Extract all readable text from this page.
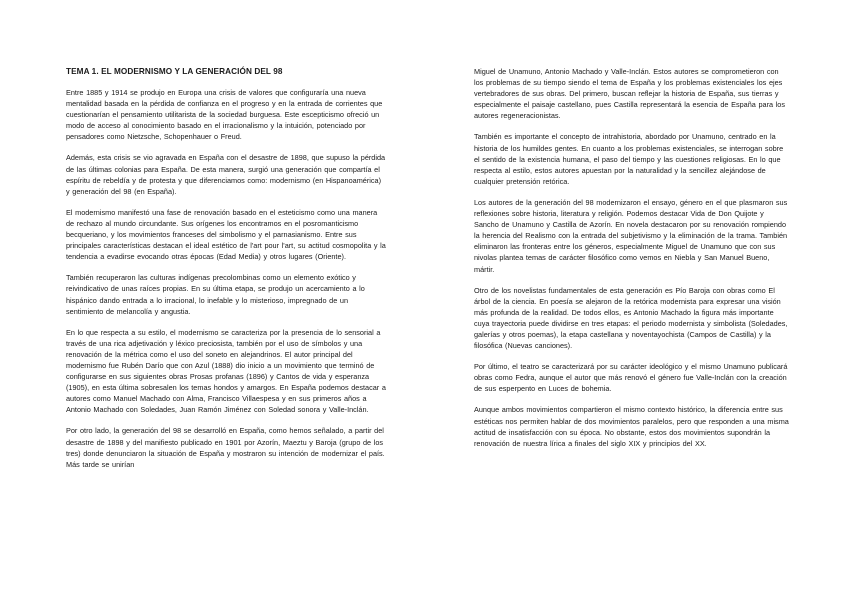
TEMA 1. EL MODERNISMO Y LA GENERACIÓN DEL 98

Entre 1885 y 1914 se produjo en Europa una crisis de valores que configuraría una nueva mentalidad basada en la pérdida de confianza en el progreso y en la entrada de corrientes que cuestionarían el pensamiento utilitarista de la sociedad burguesa. Este escepticismo ofreció un modo de acceso al conocimiento basado en el irracionalismo y la intuición, potenciado por pensadores como Nietzsche, Schopenhauer o Freud.

Además, esta crisis se vio agravada en España con el desastre de 1898, que supuso la pérdida de las últimas colonias para España. De esta manera, surgió una generación que compartía el espíritu de rebeldía y de protesta y que diferenciamos como: modernismo (en Hispanoamérica) y generación del 98 (en España).

El modernismo manifestó una fase de renovación basado en el esteticismo como una manera de rechazo al mundo circundante. Sus orígenes los encontramos en el posromanticismo becqueriano, y los movimientos franceses del simbolismo y el parnasianismo. Entre sus principales características destacan el ideal estético de l'art pour l'art, su actitud cosmopolita y la tendencia a evadirse evocando otras épocas (Edad Media) y otros lugares (Oriente).

También recuperaron las culturas indígenas precolombinas como un elemento exótico y reivindicativo de unas raíces propias. En su última etapa, se produjo un acercamiento a lo hispánico dando entrada a lo irracional, lo inefable y lo misterioso, impregnado de un sentimiento de melancolía y angustia.

En lo que respecta a su estilo, el modernismo se caracteriza por la presencia de lo sensorial a través de una rica adjetivación y léxico preciosista, también por el uso de símbolos y una renovación de la métrica como el uso del soneto en alejandrinos. El autor principal del modernismo fue Rubén Darío que con Azul (1888) dio inicio a un movimiento que terminó de configurarse en sus siguientes obras Prosas profanas (1896) y Cantos de vida y esperanza (1905), en esta última sobresalen los temas hondos y amargos. En España podemos destacar a autores como Manuel Machado con Alma, Francisco Villaespesa y en sus primeros años a Antonio Machado con Soledades, Juan Ramón Jiménez con Soledad sonora y Valle-Inclán.

Por otro lado, la generación del 98 se desarrolló en España, como hemos señalado, a partir del desastre de 1898 y del manifiesto publicado en 1901 por Azorín, Maeztu y Baroja (grupo de los tres) donde denunciaron la situación de España y mostraron su intención de modernizar el país. Más tarde se unirían

Miguel de Unamuno, Antonio Machado y Valle-Inclán. Estos autores se comprometieron con los problemas de su tiempo siendo el tema de España y los problemas existenciales los ejes vertebradores de sus obras. Del primero, buscan reflejar la historia de España, sus tierras y especialmente el paisaje castellano, pues Castilla representará la esencia de España para los autores regeneracionistas.

También es importante el concepto de intrahistoria, abordado por Unamuno, centrado en la historia de los humildes gentes. En cuanto a los problemas existenciales, se interrogan sobre el sentido de la existencia humana, el paso del tiempo y las cuestiones religiosas. En lo que respecta al estilo, estos autores apuestan por la naturalidad y la sencillez alejándose de cualquier pretensión retórica.

Los autores de la generación del 98 modernizaron el ensayo, género en el que plasmaron sus reflexiones sobre historia, literatura y religión. Podemos destacar Vida de Don Quijote y Sancho de Unamuno y Castilla de Azorín. En novela destacaron por su renovación rompiendo la herencia del Realismo con la entrada del subjetivismo y la eliminación de la trama. También eliminaron las fronteras entre los géneros, especialmente Miguel de Unamuno que con sus nivolas plantea temas de carácter filosófico como vemos en Niebla y San Manuel Bueno, mártir.

Otro de los novelistas fundamentales de esta generación es Pío Baroja con obras como El árbol de la ciencia. En poesía se alejaron de la retórica modernista para expresar una visión más profunda de la realidad. De todos ellos, es Antonio Machado la figura más importante cuya trayectoria puede dividirse en tres etapas: el periodo modernista y simbolista (Soledades, galerías y otros poemas), la etapa castellana y noventayochista (Campos de Castilla) y la filosófica (Nuevas canciones).

Por último, el teatro se caracterizará por su carácter ideológico y el mismo Unamuno publicará obras como Fedra, aunque el autor que más renovó el género fue Valle-Inclán con la creación de sus esperpento en Luces de bohemia.

Aunque ambos movimientos compartieron el mismo contexto histórico, la diferencia entre sus estéticas nos permiten hablar de dos movimientos paralelos, pero que responden a una misma actitud de insatisfacción con su época. No obstante, estos dos movimientos supondrán la renovación de nuestra lírica a finales del siglo XIX y principios del XX.
